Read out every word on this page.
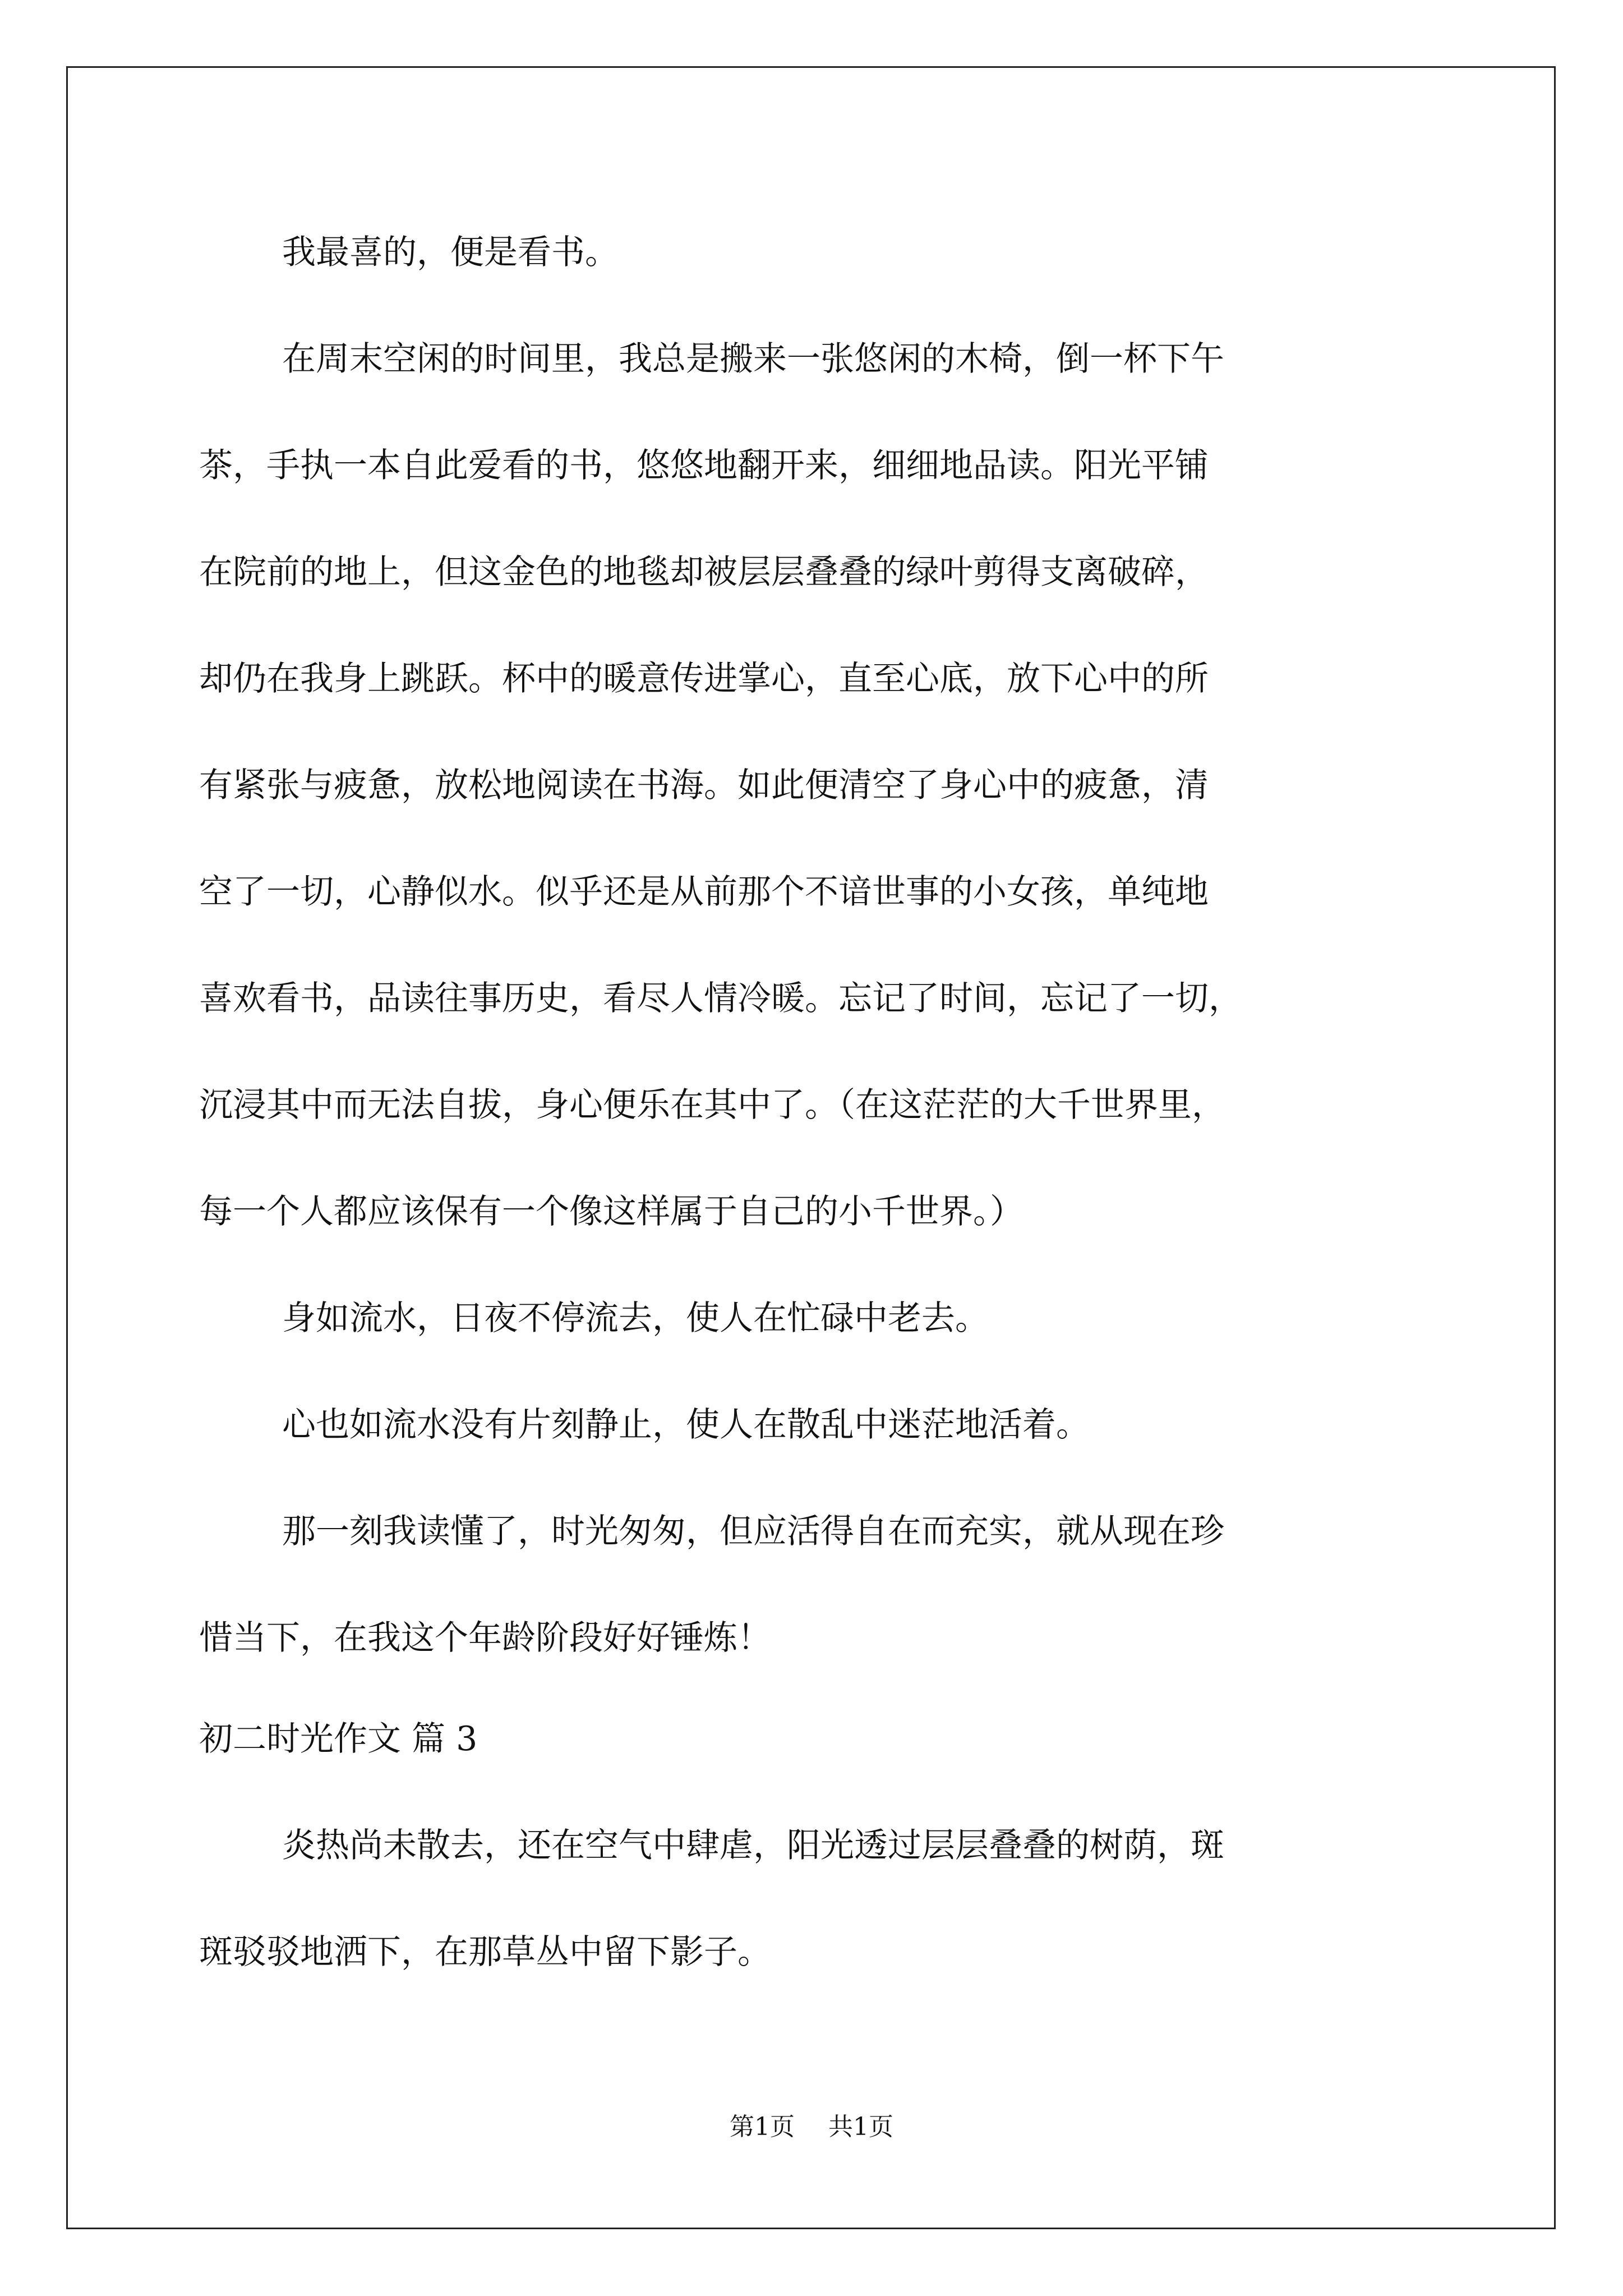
我最喜的，便是看书。
在周末空闲的时间里，我总是搬来一张悠闲的木椅，倒一杯下午
茶，手执一本自此爱看的书，悠悠地翻开来，细细地品读。阳光平铺
在院前的地上，但这金色的地毯却被层层叠叠的绿叶剪得支离破碎，
却仍在我身上跳跃。杯中的暖意传进掌心，直至心底，放下心中的所
有紧张与疲惫，放松地阅读在书海。如此便清空了身心中的疲惫，清
空了一切，心静似水。似乎还是从前那个不谙世事的小女孩，单纯地
喜欢看书，品读往事历史，看尽人情冷暖。忘记了时间，忘记了一切，
沉浸其中而无法自拔，身心便乐在其中了。（在这茫茫的大千世界里，
每一个人都应该保有一个像这样属于自己的小千世界。）
身如流水，日夜不停流去，使人在忙碌中老去。
心也如流水没有片刻静止，使人在散乱中迷茫地活着。
那一刻我读懂了，时光匆匆，但应活得自在而充实，就从现在珍
惜当下，在我这个年龄阶段好好锤炼！
初二时光作文 篇 3
炎热尚未散去，还在空气中肆虐，阳光透过层层叠叠的树荫，斑
斑驳驳地洒下，在那草丛中留下影子。
第1页 共1页
